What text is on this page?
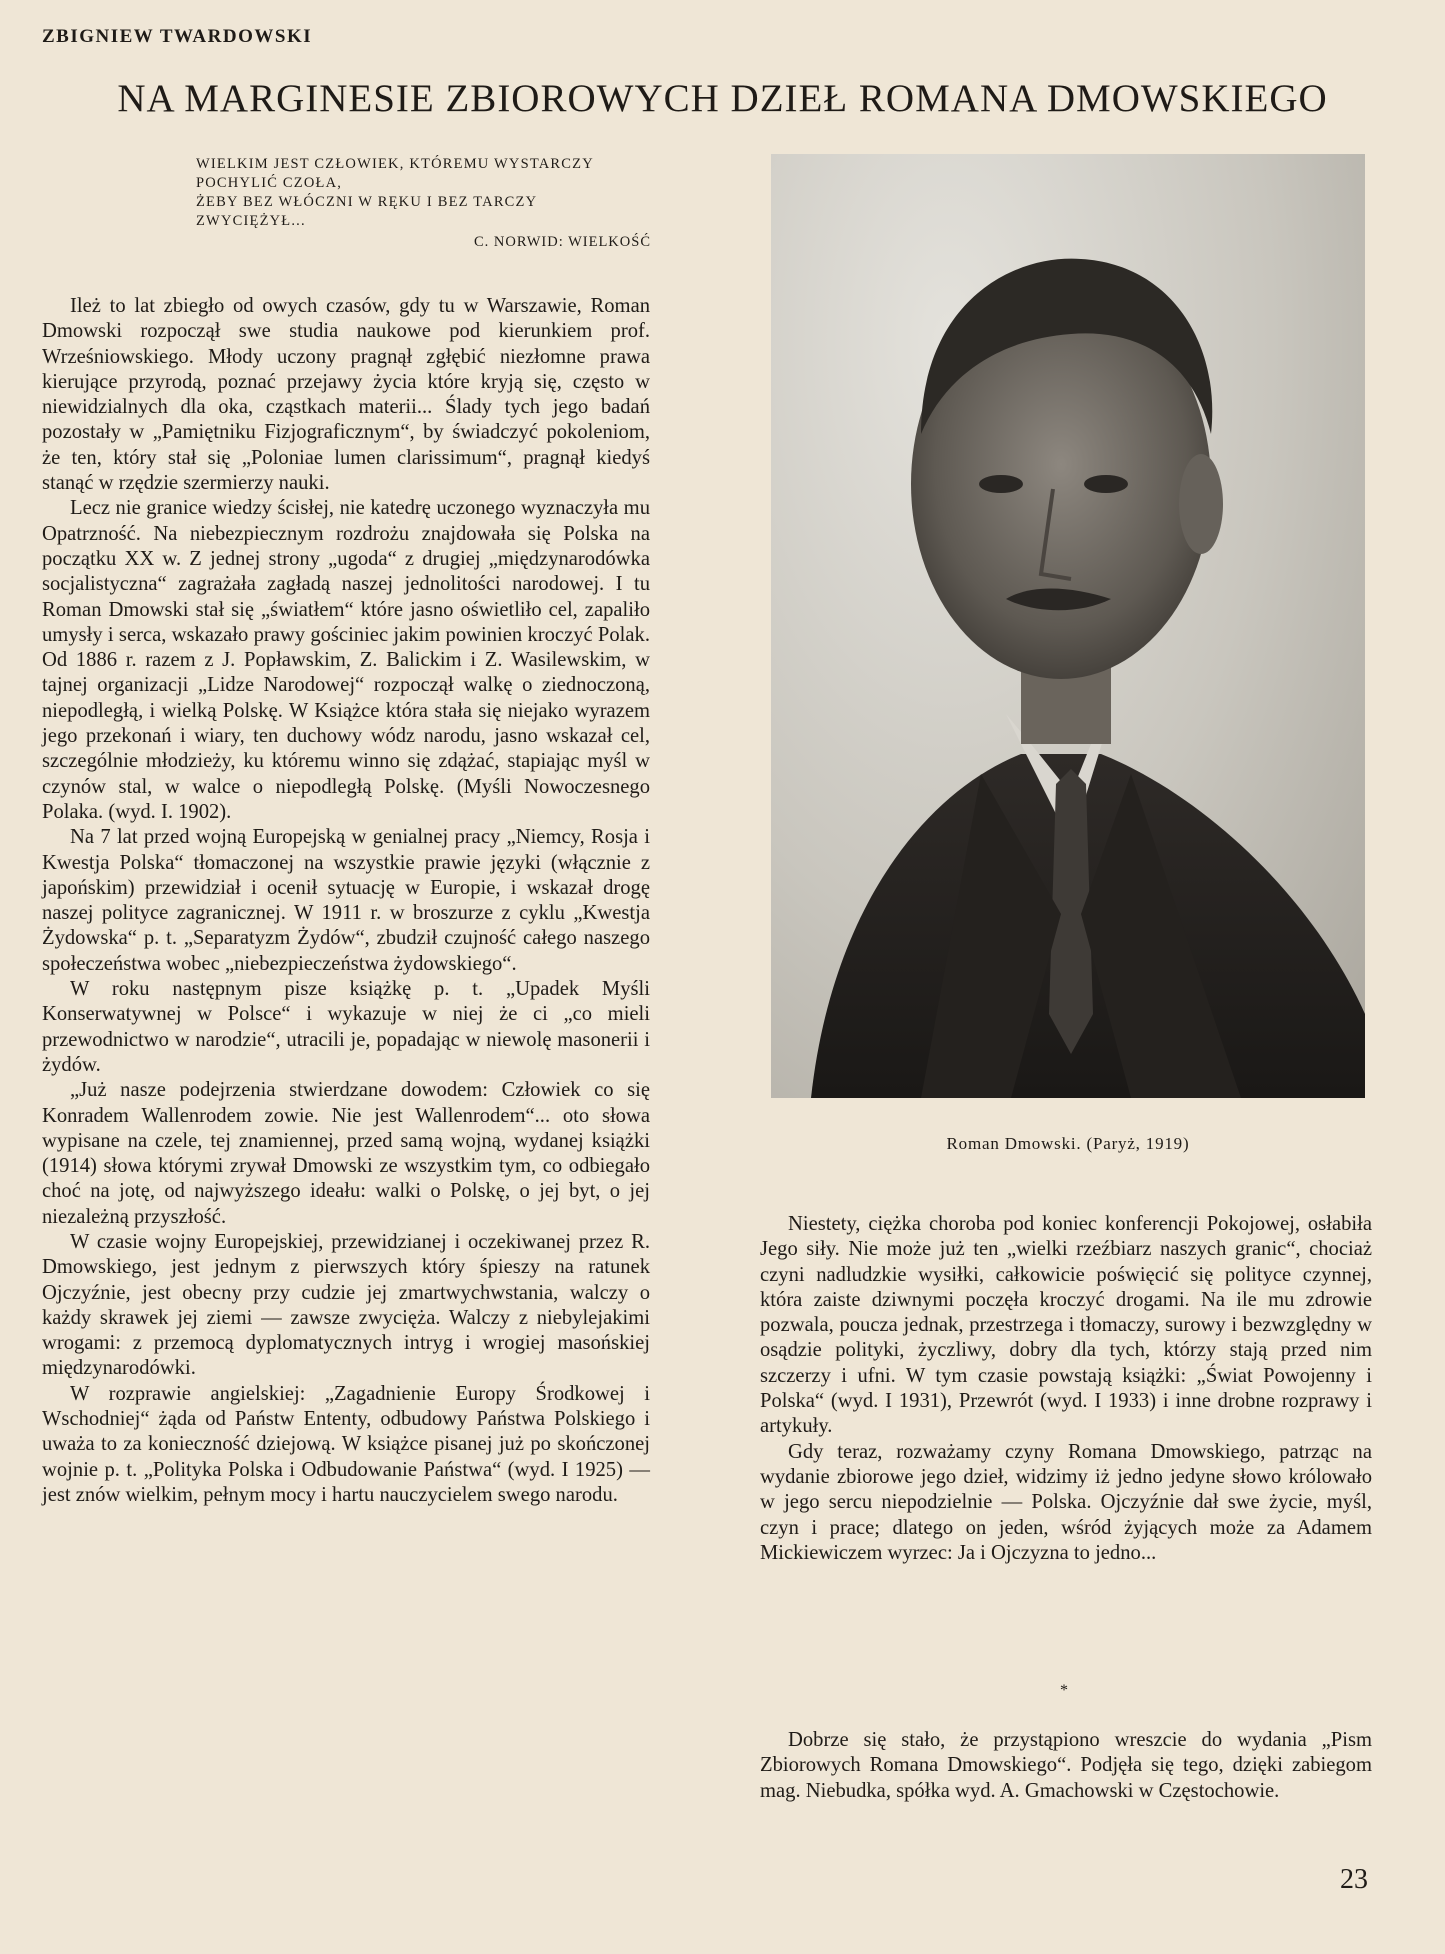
ZBIGNIEW TWARDOWSKI
NA MARGINESIE ZBIOROWYCH DZIEŁ ROMANA DMOWSKIEGO
WIELKIM JEST CZŁOWIEK, KTÓREMU WYSTARCZY
POCHYLIĆ CZOŁA,
ŻEBY BEZ WŁÓCZNI W RĘKU I BEZ TARCZY
ZWYCIĘŻYŁ...
C. NORWID: WIELKOŚĆ

Ileż to lat zbiegło od owych czasów, gdy tu w Warszawie, Roman Dmowski rozpoczął swe studia naukowe pod kierunkiem prof. Wrześniowskiego. Młody uczony pragnął zgłębić niezłomne prawa kierujące przyrodą, poznać przejawy życia które kryją się, często w niewidzialnych dla oka, cząstkach materii... Ślady tych jego badań pozostały w „Pamiętniku Fizjograficznym“, by świadczyć pokoleniom, że ten, który stał się „Poloniae lumen clarissimum“, pragnął kiedyś stanąć w rzędzie szermierzy nauki.

Lecz nie granice wiedzy ścisłej, nie katedrę uczonego wyznaczyła mu Opatrzność. Na niebezpiecznym rozdrożu znajdowała się Polska na początku XX w. Z jednej strony „ugoda“ z drugiej „międzynarodówka socjalistyczna“ zagrażała zagładą naszej jednolitości narodowej. I tu Roman Dmowski stał się „światłem“ które jasno oświetliło cel, zapaliło umysły i serca, wskazało prawy gościniec jakim powinien kroczyć Polak. Od 1886 r. razem z J. Popławskim, Z. Balickim i Z. Wasilewskim, w tajnej organizacji „Lidze Narodowej“ rozpoczął walkę o ziednoczoną, niepodległą, i wielką Polskę. W Książce która stała się niejako wyrazem jego przekonań i wiary, ten duchowy wódz narodu, jasno wskazał cel, szczególnie młodzieży, ku któremu winno się zdążać, stapiając myśl w czynów stal, w walce o niepodległą Polskę. (Myśli Nowoczesnego Polaka. (wyd. I. 1902).

Na 7 lat przed wojną Europejską w genialnej pracy „Niemcy, Rosja i Kwestja Polska“ tłomaczonej na wszystkie prawie języki (włącznie z japońskim) przewidział i ocenił sytuację w Europie, i wskazał drogę naszej polityce zagranicznej. W 1911 r. w broszurze z cyklu „Kwestja Żydowska“ p. t. „Separatyzm Żydów“, zbudził czujność całego naszego społeczeństwa wobec „niebezpieczeństwa żydowskiego“.

W roku następnym pisze książkę p. t. „Upadek Myśli Konserwatywnej w Polsce“ i wykazuje w niej że ci „co mieli przewodnictwo w narodzie“, utracili je, popadając w niewolę masonerii i żydów.

„Już nasze podejrzenia stwierdzane dowodem: Człowiek co się Konradem Wallenrodem zowie. Nie jest Wallenrodem“... oto słowa wypisane na czele, tej znamiennej, przed samą wojną, wydanej książki (1914) słowa którymi zrywał Dmowski ze wszystkim tym, co odbiegało choć na jotę, od najwyższego ideału: walki o Polskę, o jej byt, o jej niezależną przyszłość.

W czasie wojny Europejskiej, przewidzianej i oczekiwanej przez R. Dmowskiego, jest jednym z pierwszych który śpieszy na ratunek Ojczyźnie, jest obecny przy cudzie jej zmartwychwstania, walczy o każdy skrawek jej ziemi — zawsze zwycięża. Walczy z niebylejakimi wrogami: z przemocą dyplomatycznych intryg i wrogiej masońskiej międzynarodówki.

W rozprawie angielskiej: „Zagadnienie Europy Środkowej i Wschodniej“ żąda od Państw Ententy, odbudowy Państwa Polskiego i uważa to za konieczność dziejową. W książce pisanej już po skończonej wojnie p. t. „Polityka Polska i Odbudowanie Państwa“ (wyd. I 1925) — jest znów wielkim, pełnym mocy i hartu nauczycielem swego narodu.

Roman Dmowski. (Paryż, 1919)

Niestety, ciężka choroba pod koniec konferencji Pokojowej, osłabiła Jego siły. Nie może już ten „wielki rzeźbiarz naszych granic“, chociaż czyni nadludzkie wysiłki, całkowicie poświęcić się polityce czynnej, która zaiste dziwnymi poczęła kroczyć drogami. Na ile mu zdrowie pozwala, poucza jednak, przestrzega i tłomaczy, surowy i bezwzględny w osądzie polityki, życzliwy, dobry dla tych, którzy stają przed nim szczerzy i ufni. W tym czasie powstają książki: „Świat Powojenny i Polska“ (wyd. I 1931), Przewrót (wyd. I 1933) i inne drobne rozprawy i artykuły.

Gdy teraz, rozważamy czyny Romana Dmowskiego, patrząc na wydanie zbiorowe jego dzieł, widzimy iż jedno jedyne słowo królowało w jego sercu niepodzielnie — Polska. Ojczyźnie dał swe życie, myśl, czyn i prace; dlatego on jeden, wśród żyjących może za Adamem Mickiewiczem wyrzec: Ja i Ojczyzna to jedno...

*

Dobrze się stało, że przystąpiono wreszcie do wydania „Pism Zbiorowych Romana Dmowskiego“. Podjęła się tego, dzięki zabiegom mag. Niebudka, spółka wyd. A. Gmachowski w Częstochowie.

23
